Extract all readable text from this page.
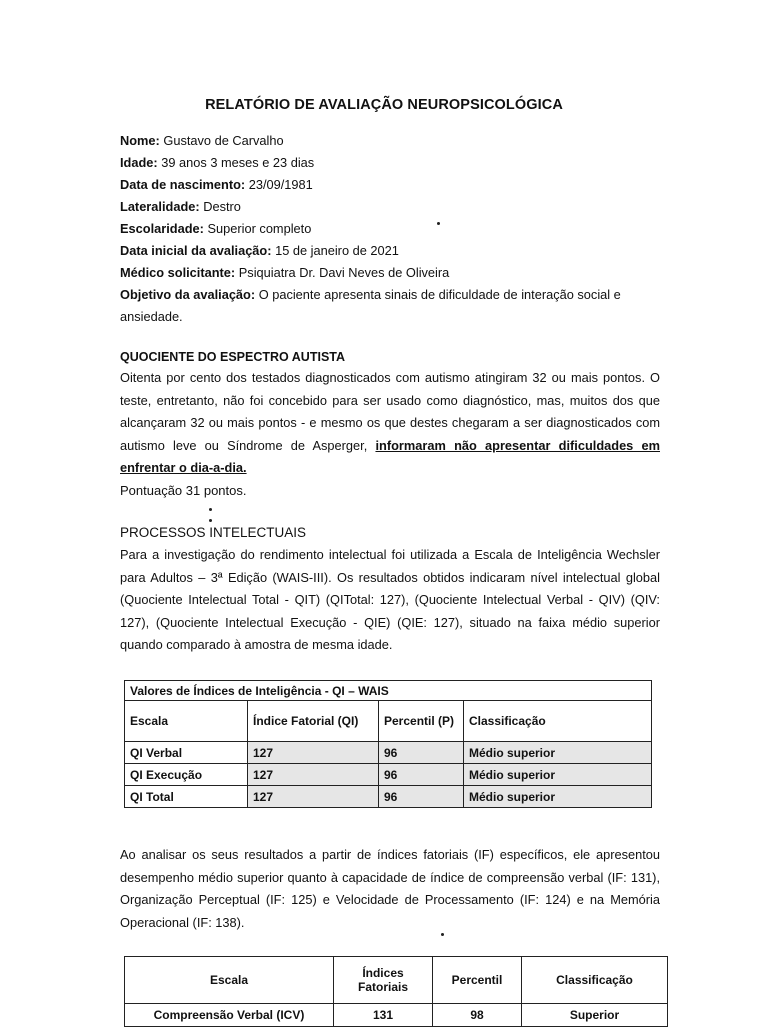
RELATÓRIO DE AVALIAÇÃO NEUROPSICOLÓGICA
Nome: Gustavo de Carvalho
Idade: 39 anos 3 meses e 23 dias
Data de nascimento: 23/09/1981
Lateralidade: Destro
Escolaridade: Superior completo
Data inicial da avaliação: 15 de janeiro de 2021
Médico solicitante: Psiquiatra Dr. Davi Neves de Oliveira
Objetivo da avaliação: O paciente apresenta sinais de dificuldade de interação social e ansiedade.
QUOCIENTE DO ESPECTRO AUTISTA
Oitenta por cento dos testados diagnosticados com autismo atingiram 32 ou mais pontos. O teste, entretanto, não foi concebido para ser usado como diagnóstico, mas, muitos dos que alcançaram 32 ou mais pontos - e mesmo os que destes chegaram a ser diagnosticados com autismo leve ou Síndrome de Asperger, informaram não apresentar dificuldades em enfrentar o dia-a-dia.
Pontuação 31 pontos.
PROCESSOS INTELECTUAIS
Para a investigação do rendimento intelectual foi utilizada a Escala de Inteligência Wechsler para Adultos – 3ª Edição (WAIS-III). Os resultados obtidos indicaram nível intelectual global (Quociente Intelectual Total - QIT) (QITotal: 127), (Quociente Intelectual Verbal - QIV) (QIV: 127), (Quociente Intelectual Execução - QIE) (QIE: 127), situado na faixa médio superior quando comparado à amostra de mesma idade.
Valores de Índices de Inteligência - QI – WAIS			
Escala	Índice Fatorial (QI)	Percentil (P)	Classificação
QI Verbal	127	96	Médio superior
QI Execução	127	96	Médio superior
QI Total	127	96	Médio superior
Ao analisar os seus resultados a partir de índices fatoriais (IF) específicos, ele apresentou desempenho médio superior quanto à capacidade de índice de compreensão verbal (IF: 131), Organização Perceptual (IF: 125) e Velocidade de Processamento (IF: 124) e na Memória Operacional (IF: 138).
Escala	Índices Fatoriais	Percentil	Classificação
Compreensão Verbal (ICV)	131	98	Superior
